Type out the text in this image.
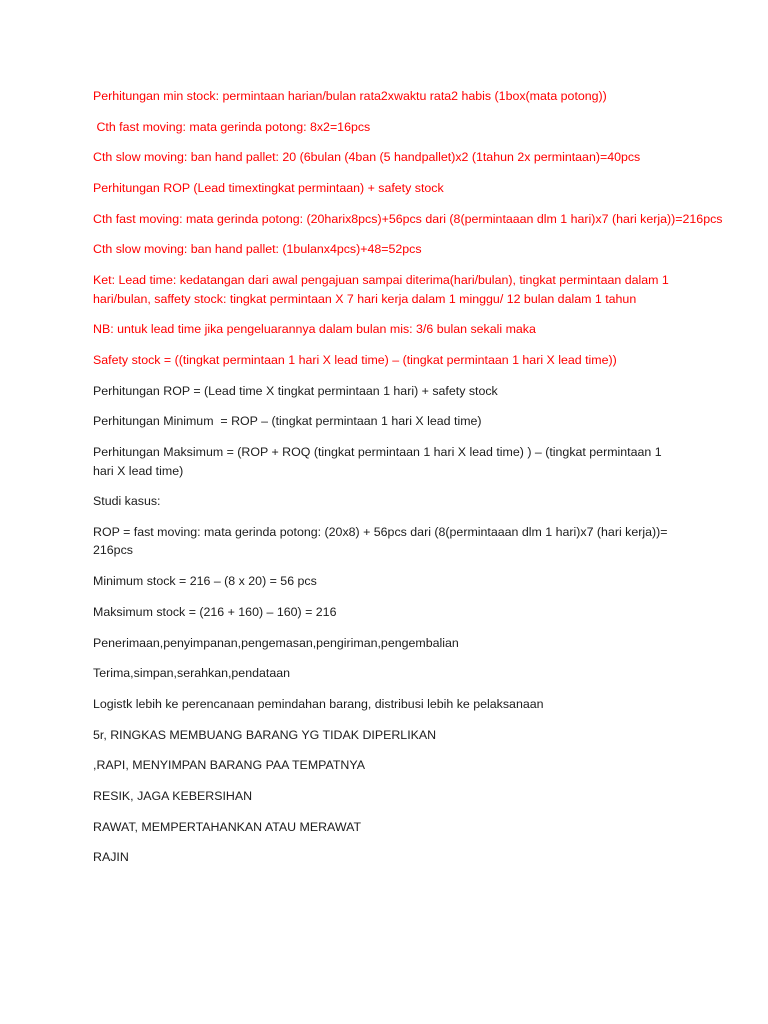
Perhitungan min stock: permintaan harian/bulan rata2xwaktu rata2 habis (1box(mata potong))

Cth fast moving: mata gerinda potong: 8x2=16pcs

Cth slow moving: ban hand pallet: 20 (6bulan (4ban (5 handpallet)x2 (1tahun 2x permintaan)=40pcs

Perhitungan ROP (Lead timextingkat permintaan) + safety stock

Cth fast moving: mata gerinda potong: (20harix8pcs)+56pcs dari (8(permintaaan dlm 1 hari)x7 (hari kerja))=216pcs

Cth slow moving: ban hand pallet: (1bulanx4pcs)+48=52pcs

Ket: Lead time: kedatangan dari awal pengajuan sampai diterima(hari/bulan), tingkat permintaan dalam 1 hari/bulan, saffety stock: tingkat permintaan X 7 hari kerja dalam 1 minggu/ 12 bulan dalam 1 tahun

NB: untuk lead time jika pengeluarannya dalam bulan mis: 3/6 bulan sekali maka

Safety stock = ((tingkat permintaan 1 hari X lead time) – (tingkat permintaan 1 hari X lead time))

Perhitungan ROP = (Lead time X tingkat permintaan 1 hari) + safety stock

Perhitungan Minimum  = ROP – (tingkat permintaan 1 hari X lead time)

Perhitungan Maksimum = (ROP + ROQ (tingkat permintaan 1 hari X lead time) ) – (tingkat permintaan 1 hari X lead time)

Studi kasus:

ROP = fast moving: mata gerinda potong: (20x8) + 56pcs dari (8(permintaaan dlm 1 hari)x7 (hari kerja))= 216pcs

Minimum stock = 216 – (8 x 20) = 56 pcs

Maksimum stock = (216 + 160) – 160) = 216

Penerimaan,penyimpanan,pengemasan,pengiriman,pengembalian

Terima,simpan,serahkan,pendataan

Logistk lebih ke perencanaan pemindahan barang, distribusi lebih ke pelaksanaan

5r, RINGKAS MEMBUANG BARANG YG TIDAK DIPERLIKAN

,RAPI, MENYIMPAN BARANG PAA TEMPATNYA

RESIK, JAGA KEBERSIHAN

RAWAT, MEMPERTAHANKAN ATAU MERAWAT

RAJIN
